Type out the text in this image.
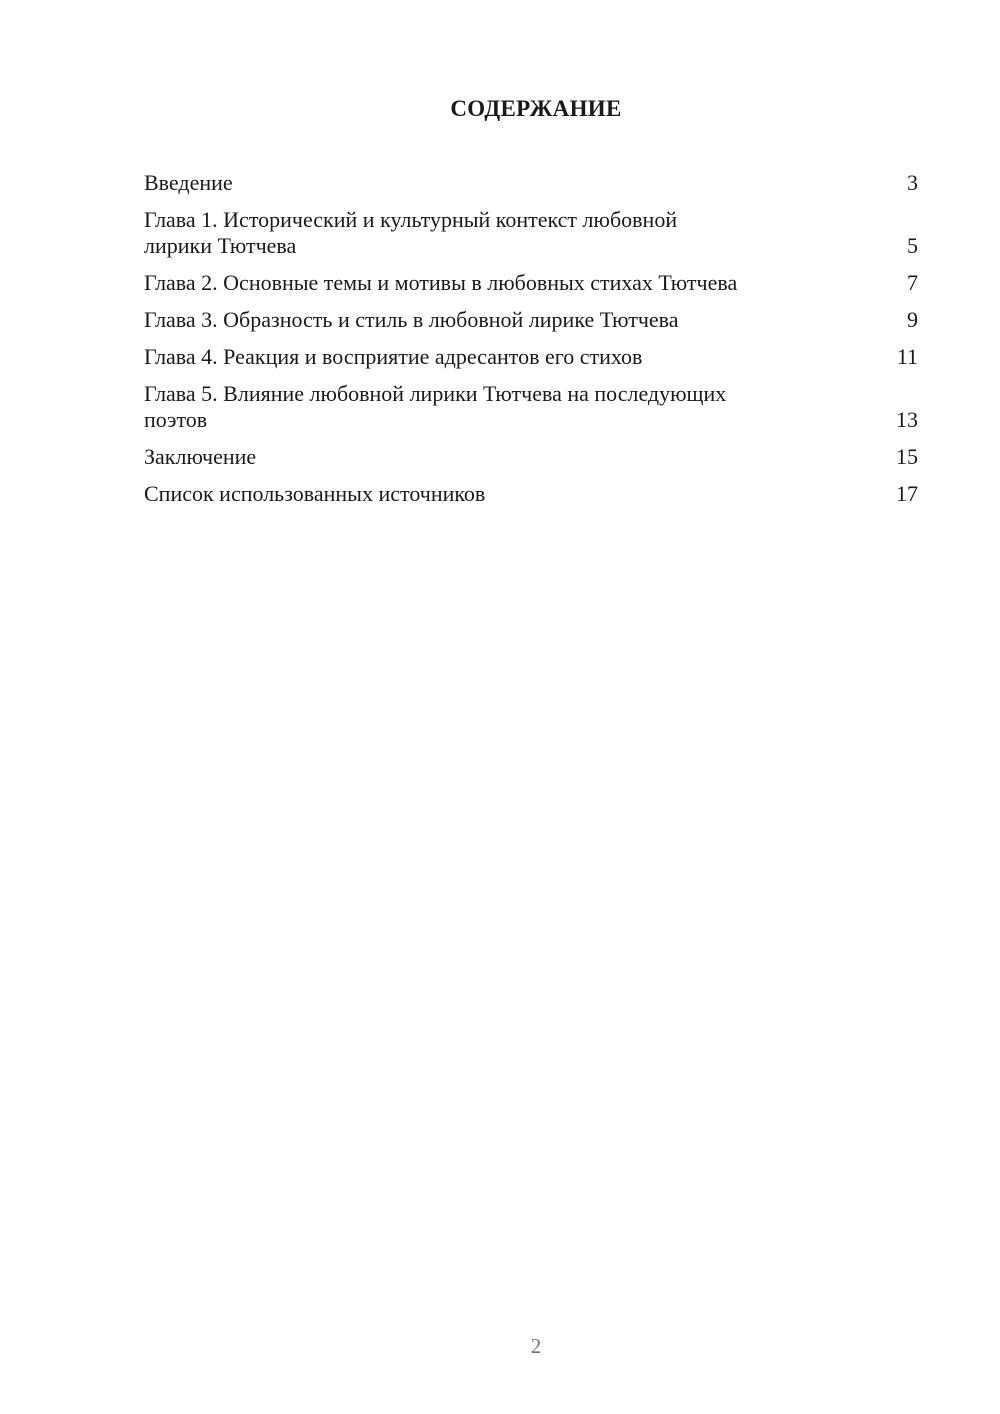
СОДЕРЖАНИЕ
Введение	3
Глава 1. Исторический и культурный контекст любовной
лирики Тютчева	5
Глава 2. Основные темы и мотивы в любовных стихах Тютчева	7
Глава 3. Образность и стиль в любовной лирике Тютчева	9
Глава 4. Реакция и восприятие адресантов его стихов	11
Глава 5. Влияние любовной лирики Тютчева на последующих
поэтов	13
Заключение	15
Список использованных источников	17
2
